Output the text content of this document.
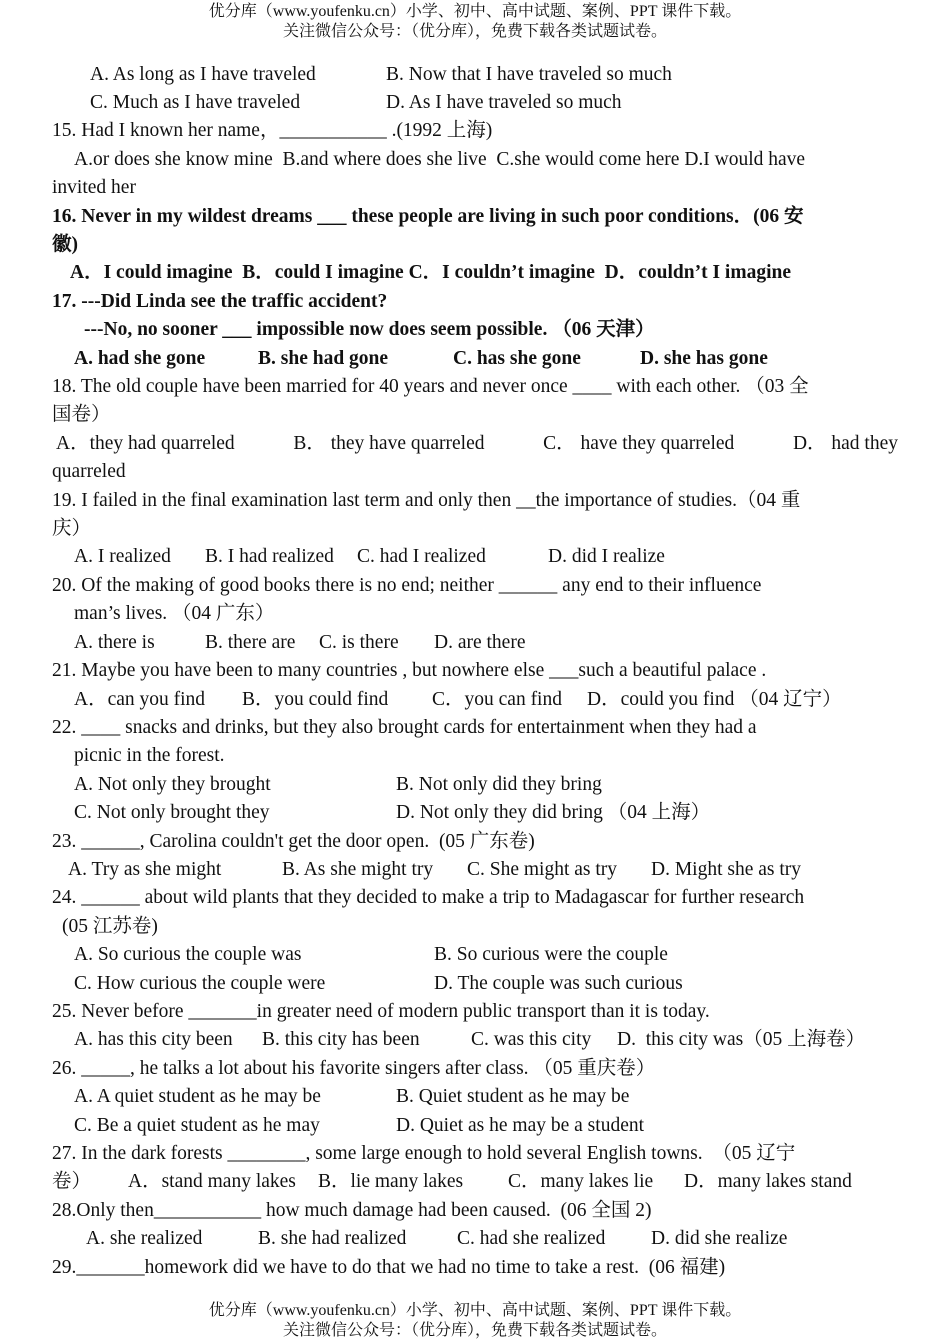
优分库（www.youfenku.cn）小学、初中、高中试题、案例、PPT 课件下载。
关注微信公众号：（优分库），免费下载各类试题试卷。
A. As long as I have traveled	B. Now that I have traveled so much
C. Much as I have traveled	D. As I have traveled so much
15. Had I known her name，___________ .(1992 上海)
A.or does she know mine  B.and where does she live  C.she would come here D.I would have
invited her
16. Never in my wildest dreams ___ these people are living in such poor conditions．(06 安
徽)
A．I could imagine  B．could I imagine C．I couldn’t imagine  D．couldn’t I imagine
17. ---Did Linda see the traffic accident?
---No, no sooner ___ impossible now does seem possible. （06 天津）
A. had she gone	B. she had gone	C. has she gone	D. she has gone
18. The old couple have been married for 40 years and never once ____ with each other. （03 全
国卷）
A．they had quarreled	B． they have quarreled	C． have they quarreled	D． had they
quarreled
19. I failed in the final examination last term and only then __the importance of studies.（04 重
庆）
A. I realized B. I had realized C. had I realized	D. did I realize
20. Of the making of good books there is no end; neither ______ any end to their influence
man’s lives. （04 广东）
A. there is	B. there are C. is there D. are there
21. Maybe you have been to many countries , but nowhere else ___such a beautiful palace .
A．can you find B．you could find C．you can find D．could you find （04 辽宁）
22. ____ snacks and drinks, but they also brought cards for entertainment when they had a
picnic in the forest.
A. Not only they brought	B. Not only did they bring
C. Not only brought they	D. Not only they did bring （04 上海）
23. ______, Carolina couldn't get the door open.  (05 广东卷)
A. Try as she might	B. As she might try C. She might as try D. Might she as try
24. ______ about wild plants that they decided to make a trip to Madagascar for further research
(05 江苏卷)
A. So curious the couple was	B. So curious were the couple
C. How curious the couple were	D. The couple was such curious
25. Never before _______in greater need of modern public transport than it is today.
A. has this city been B. this city has been	C. was this city D.  this city was（05 上海卷）
26. _____, he talks a lot about his favorite singers after class. （05 重庆卷）
A. A quiet student as he may be	B. Quiet student as he may be
C. Be a quiet student as he may	D. Quiet as he may be a student
27. In the dark forests ________, some large enough to hold several English towns.  （05 辽宁
卷） A．stand many lakes B．lie many lakes C．many lakes lie D．many lakes stand
28.Only then___________ how much damage had been caused.  (06 全国 2)
A. she realized	B. she had realized	C. had she realized D. did she realize
29._______homework did we have to do that we had no time to take a rest.  (06 福建)
优分库（www.youfenku.cn）小学、初中、高中试题、案例、PPT 课件下载。
关注微信公众号：（优分库），免费下载各类试题试卷。
